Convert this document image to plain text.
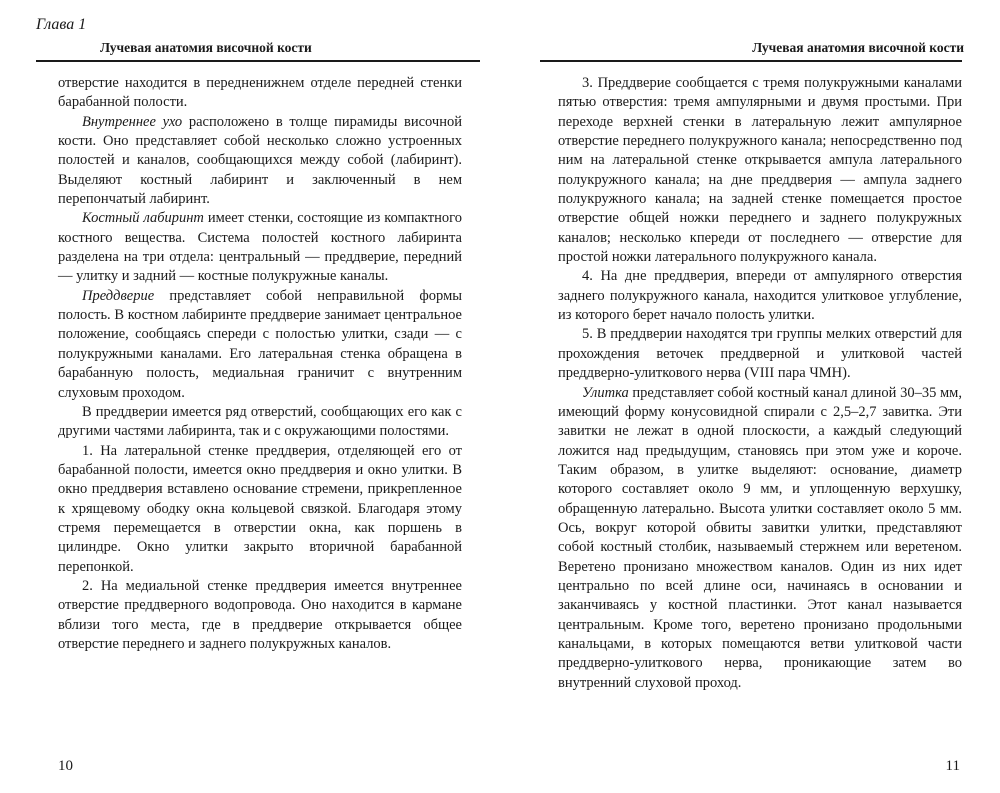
Глава 1
Лучевая анатомия височной кости

отверстие находится в передненижнем отделе передней стенки барабанной полости.

Внутреннее ухо расположено в толще пирамиды височной кости. Оно представляет собой несколько сложно устроенных полостей и каналов, сообщающихся между собой (лабиринт). Выделяют костный лабиринт и заключенный в нем перепончатый лабиринт.

Костный лабиринт имеет стенки, состоящие из компактного костного вещества. Система полостей костного лабиринта разделена на три отдела: центральный — преддверие, передний — улитку и задний — костные полукружные каналы.

Преддверие представляет собой неправильной формы полость. В костном лабиринте преддверие занимает центральное положение, сообщаясь спереди с полостью улитки, сзади — с полукружными каналами. Его латеральная стенка обращена в барабанную полость, медиальная граничит с внутренним слуховым проходом.

В преддверии имеется ряд отверстий, сообщающих его как с другими частями лабиринта, так и с окружающими полостями.

1. На латеральной стенке преддверия, отделяющей его от барабанной полости, имеется окно преддверия и окно улитки. В окно преддверия вставлено основание стремени, прикрепленное к хрящевому ободку окна кольцевой связкой. Благодаря этому стремя перемещается в отверстии окна, как поршень в цилиндре. Окно улитки закрыто вторичной барабанной перепонкой.

2. На медиальной стенке преддверия имеется внутреннее отверстие преддверного водопровода. Оно находится в кармане вблизи того места, где в преддверие открывается общее отверстие переднего и заднего полукружных каналов.

10

Лучевая анатомия височной кости

3. Преддверие сообщается с тремя полукружными каналами пятью отверстия: тремя ампулярными и двумя простыми. При переходе верхней стенки в латеральную лежит ампулярное отверстие переднего полукружного канала; непосредственно под ним на латеральной стенке открывается ампула латерального полукружного канала; на дне преддверия — ампула заднего полукружного канала; на задней стенке помещается простое отверстие общей ножки переднего и заднего полукружных каналов; несколько кпереди от последнего — отверстие для простой ножки латерального полукружного канала.

4. На дне преддверия, впереди от ампулярного отверстия заднего полукружного канала, находится улитковое углубление, из которого берет начало полость улитки.

5. В преддверии находятся три группы мелких отверстий для прохождения веточек преддверной и улитковой частей преддверно-улиткового нерва (VIII пара ЧМН).

Улитка представляет собой костный канал длиной 30–35 мм, имеющий форму конусовидной спирали с 2,5–2,7 завитка. Эти завитки не лежат в одной плоскости, а каждый следующий ложится над предыдущим, становясь при этом уже и короче. Таким образом, в улитке выделяют: основание, диаметр которого составляет около 9 мм, и уплощенную верхушку, обращенную латерально. Высота улитки составляет около 5 мм. Ось, вокруг которой обвиты завитки улитки, представляют собой костный столбик, называемый стержнем или веретеном. Веретено пронизано множеством каналов. Один из них идет центрально по всей длине оси, начинаясь в основании и заканчиваясь у костной пластинки. Этот канал называется центральным. Кроме того, веретено пронизано продольными канальцами, в которых помещаются ветви улитковой части преддверно-улиткового нерва, проникающие затем во внутренний слуховой проход.

11
